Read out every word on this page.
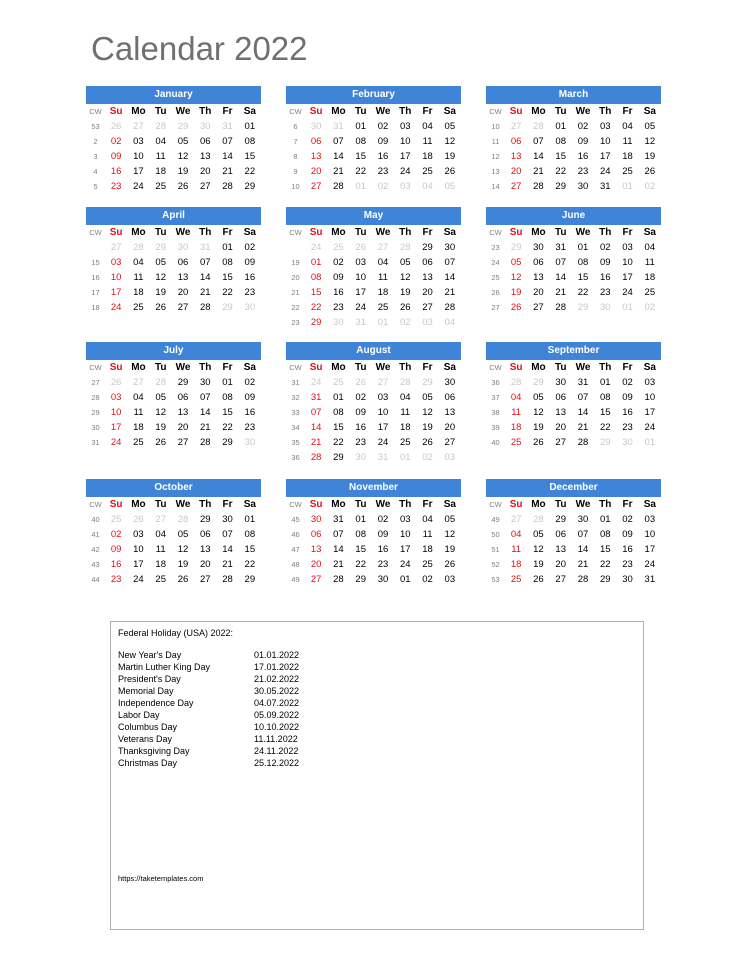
Calendar 2022
January
CW	Su	Mo	Tu	We	Th	Fr	Sa
53	26	27	28	29	30	31	01
2	02	03	04	05	06	07	08
3	09	10	11	12	13	14	15
4	16	17	18	19	20	21	22
5	23	24	25	26	27	28	29
February
CW	Su	Mo	Tu	We	Th	Fr	Sa
6	30	31	01	02	03	04	05
7	06	07	08	09	10	11	12
8	13	14	15	16	17	18	19
9	20	21	22	23	24	25	26
10	27	28	01	02	03	04	05
March
CW	Su	Mo	Tu	We	Th	Fr	Sa
10	27	28	01	02	03	04	05
11	06	07	08	09	10	11	12
12	13	14	15	16	17	18	19
13	20	21	22	23	24	25	26
14	27	28	29	30	31	01	02
April
CW	Su	Mo	Tu	We	Th	Fr	Sa
	27	28	29	30	31	01	02
15	03	04	05	06	07	08	09
16	10	11	12	13	14	15	16
17	17	18	19	20	21	22	23
18	24	25	26	27	28	29	30
May
CW	Su	Mo	Tu	We	Th	Fr	Sa
	24	25	26	27	28	29	30
19	01	02	03	04	05	06	07
20	08	09	10	11	12	13	14
21	15	16	17	18	19	20	21
22	22	23	24	25	26	27	28
23	29	30	31	01	02	03	04
June
CW	Su	Mo	Tu	We	Th	Fr	Sa
23	29	30	31	01	02	03	04
24	05	06	07	08	09	10	11
25	12	13	14	15	16	17	18
26	19	20	21	22	23	24	25
27	26	27	28	29	30	01	02
July
CW	Su	Mo	Tu	We	Th	Fr	Sa
27	26	27	28	29	30	01	02
28	03	04	05	06	07	08	09
29	10	11	12	13	14	15	16
30	17	18	19	20	21	22	23
31	24	25	26	27	28	29	30
August
CW	Su	Mo	Tu	We	Th	Fr	Sa
31	24	25	26	27	28	29	30
32	31	01	02	03	04	05	06
33	07	08	09	10	11	12	13
34	14	15	16	17	18	19	20
35	21	22	23	24	25	26	27
36	28	29	30	31	01	02	03
September
CW	Su	Mo	Tu	We	Th	Fr	Sa
36	28	29	30	31	01	02	03
37	04	05	06	07	08	09	10
38	11	12	13	14	15	16	17
39	18	19	20	21	22	23	24
40	25	26	27	28	29	30	01
October
CW	Su	Mo	Tu	We	Th	Fr	Sa
40	25	26	27	28	29	30	01
41	02	03	04	05	06	07	08
42	09	10	11	12	13	14	15
43	16	17	18	19	20	21	22
44	23	24	25	26	27	28	29
November
CW	Su	Mo	Tu	We	Th	Fr	Sa
45	30	31	01	02	03	04	05
46	06	07	08	09	10	11	12
47	13	14	15	16	17	18	19
48	20	21	22	23	24	25	26
49	27	28	29	30	01	02	03
December
CW	Su	Mo	Tu	We	Th	Fr	Sa
49	27	28	29	30	01	02	03
50	04	05	06	07	08	09	10
51	11	12	13	14	15	16	17
52	18	19	20	21	22	23	24
53	25	26	27	28	29	30	31
Federal Holiday (USA) 2022:
https://taketemplates.com
New Year's Day	01.01.2022
Martin Luther King Day	17.01.2022
President's Day	21.02.2022
Memorial Day	30.05.2022
Independence Day	04.07.2022
Labor Day	05.09.2022
Columbus Day	10.10.2022
Veterans Day	11.11.2022
Thanksgiving Day	24.11.2022
Christmas Day	25.12.2022
